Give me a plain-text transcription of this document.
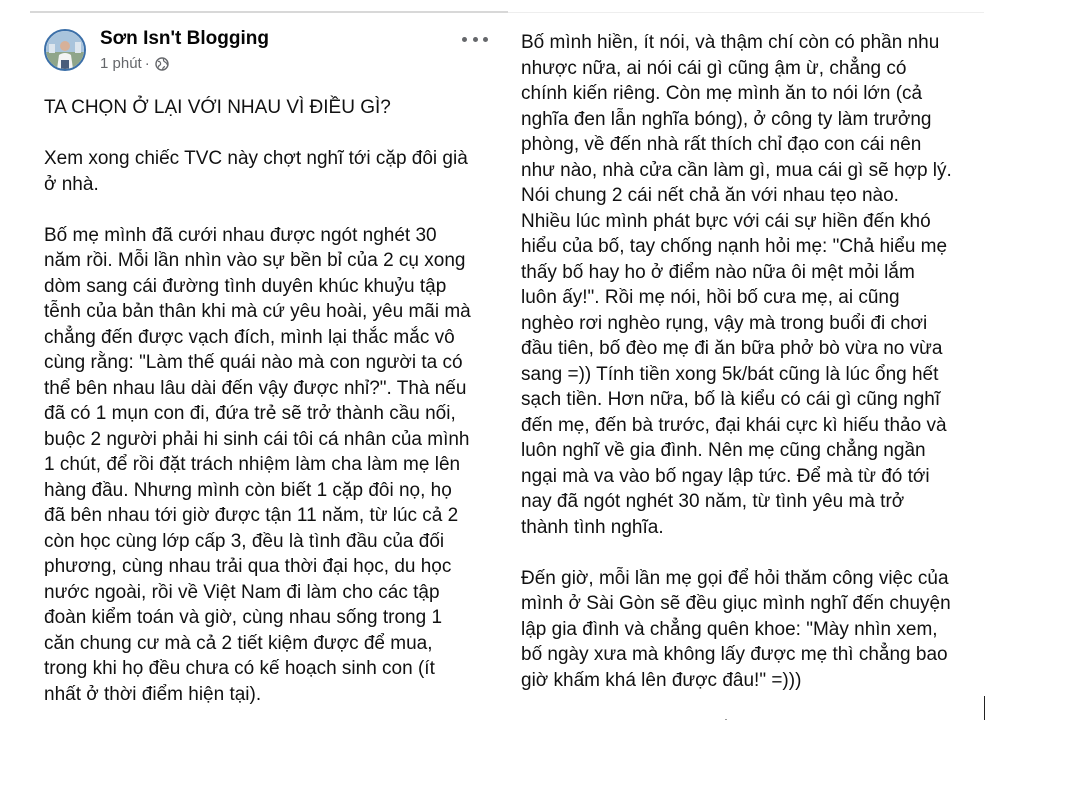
Sơn Isn't Blogging
1 phút ·

TA CHỌN Ở LẠI VỚI NHAU VÌ ĐIỀU GÌ?

Xem xong chiếc TVC này chợt nghĩ tới cặp đôi già
ở nhà.

Bố mẹ mình đã cưới nhau được ngót nghét 30
năm rồi. Mỗi lần nhìn vào sự bền bỉ của 2 cụ xong
dòm sang cái đường tình duyên khúc khuỷu tập
tễnh của bản thân khi mà cứ yêu hoài, yêu mãi mà
chẳng đến được vạch đích, mình lại thắc mắc vô
cùng rằng: "Làm thế quái nào mà con người ta có
thể bên nhau lâu dài đến vậy được nhỉ?". Thà nếu
đã có 1 mụn con đi, đứa trẻ sẽ trở thành cầu nối,
buộc 2 người phải hi sinh cái tôi cá nhân của mình
1 chút, để rồi đặt trách nhiệm làm cha làm mẹ lên
hàng đầu. Nhưng mình còn biết 1 cặp đôi nọ, họ
đã bên nhau tới giờ được tận 11 năm, từ lúc cả 2
còn học cùng lớp cấp 3, đều là tình đầu của đối
phương, cùng nhau trải qua thời đại học, du học
nước ngoài, rồi về Việt Nam đi làm cho các tập
đoàn kiểm toán và giờ, cùng nhau sống trong 1
căn chung cư mà cả 2 tiết kiệm được để mua,
trong khi họ đều chưa có kế hoạch sinh con (ít
nhất ở thời điểm hiện tại).

Bố mình hiền, ít nói, và thậm chí còn có phần nhu
nhược nữa, ai nói cái gì cũng ậm ừ, chẳng có
chính kiến riêng. Còn mẹ mình ăn to nói lớn (cả
nghĩa đen lẫn nghĩa bóng), ở công ty làm trưởng
phòng, về đến nhà rất thích chỉ đạo con cái nên
như nào, nhà cửa cần làm gì, mua cái gì sẽ hợp lý.
Nói chung 2 cái nết chả ăn với nhau tẹo nào.
Nhiều lúc mình phát bực với cái sự hiền đến khó
hiểu của bố, tay chống nạnh hỏi mẹ: "Chả hiểu mẹ
thấy bố hay ho ở điểm nào nữa ôi mệt mỏi lắm
luôn ấy!". Rồi mẹ nói, hồi bố cưa mẹ, ai cũng
nghèo rơi nghèo rụng, vậy mà trong buổi đi chơi
đầu tiên, bố đèo mẹ đi ăn bữa phở bò vừa no vừa
sang =)) Tính tiền xong 5k/bát cũng là lúc ổng hết
sạch tiền. Hơn nữa, bố là kiểu có cái gì cũng nghĩ
đến mẹ, đến bà trước, đại khái cực kì hiếu thảo và
luôn nghĩ về gia đình. Nên mẹ cũng chẳng ngần
ngại mà va vào bố ngay lập tức. Để mà từ đó tới
nay đã ngót nghét 30 năm, từ tình yêu mà trở
thành tình nghĩa.

Đến giờ, mỗi lần mẹ gọi để hỏi thăm công việc của
mình ở Sài Gòn sẽ đều giục mình nghĩ đến chuyện
lập gia đình và chẳng quên khoe: "Mày nhìn xem,
bố ngày xưa mà không lấy được mẹ thì chẳng bao
giờ khấm khá lên được đâu!" =)))
